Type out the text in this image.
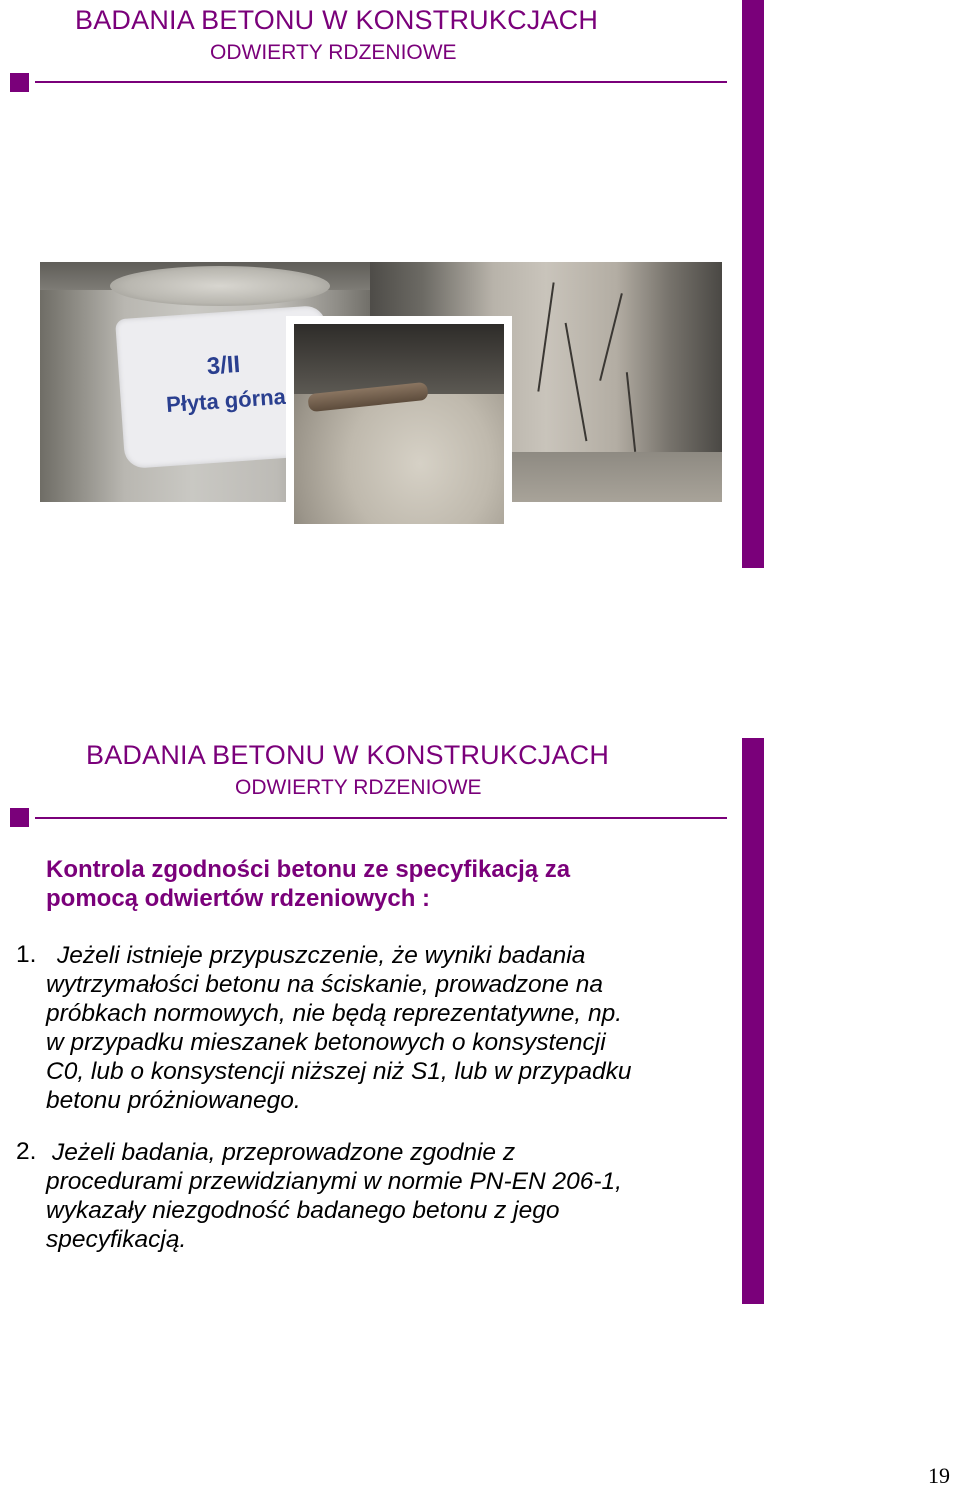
BADANIA BETONU W KONSTRUKCJACH
ODWIERTY RDZENIOWE
3/II
Płyta górna
BADANIA BETONU W KONSTRUKCJACH
ODWIERTY RDZENIOWE
Kontrola zgodności betonu ze specyfikacją za
pomocą odwiertów rdzeniowych :
1. Jeżeli istnieje przypuszczenie, że wyniki badania
wytrzymałości betonu na ściskanie, prowadzone na
próbkach normowych, nie będą reprezentatywne, np.
w przypadku mieszanek betonowych o konsystencji
C0, lub o konsystencji niższej niż S1, lub w przypadku
betonu próżniowanego.
2. Jeżeli badania, przeprowadzone zgodnie z
procedurami przewidzianymi w normie PN-EN 206-1,
wykazały niezgodność badanego betonu z jego
specyfikacją.
19
